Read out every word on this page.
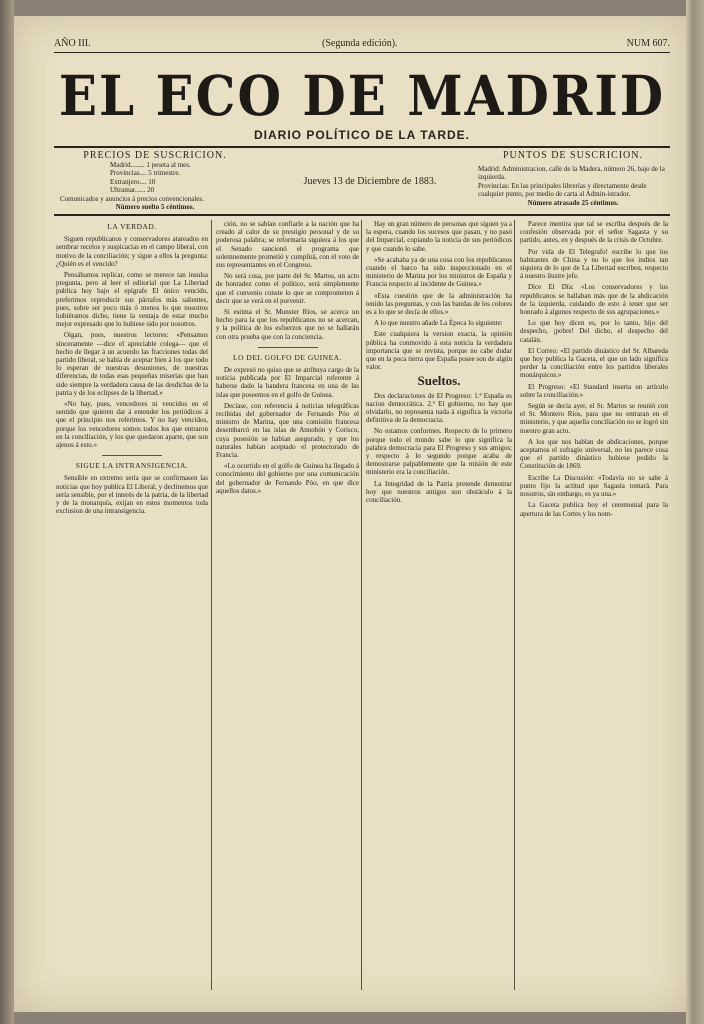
AÑO III.	(Segunda edición).	NUM 607.
EL ECO DE MADRID
DIARIO POLÍTICO DE LA TARDE.
PRECIOS DE SUSCRICION.
Madrid........ 1 peseta al mes.
Provincias.... 5 trimestre.
Extranjero.... 10
Ultramar...... 20
Comunicados y anuncios á precios convencionales.
Número suelto 5 céntimos.
Jueves 13 de Diciembre de 1883.
PUNTOS DE SUSCRICION.
Madrid: Administracion, calle de la Madera, número 26, bajo de la izquierda.
Provincias: En las principales librerías y directamente desde cualquier punto, por medio de carta al Admin-istrador.
Número atrasado 25 céntimos.
LA VERDAD.

Siguen republicanos y conservadores atareados en sembrar recelos y suspicacias en el campo liberal, con motivo de la conciliación; y sigue a ellos la pregunta: ¿Quién es el vencido?

Pensábamos replicar, como se merece tan insulsa pregunta, pero al leer el editorial que La Libertad publica hoy bajo el epígrafe El único vencido, preferimos reproducir sus párrafos más salientes, pues, sobre ser poco más ó menos lo que nosotros hubiéramos dicho, tiene la ventaja de estar mucho mejor expresado que lo hubiese sido por nosotros.

Oigan, pues, nuestros lectores: «Pensamos sinceramente —dice el apreciable colega— que el hecho de llegar á un acuerdo las fracciones todas del partido liberal, se había de aceptar bien á los que todo lo esperan de nuestras desuniones, de nuestras diferencias, de todas esas pequeñas miserias que han sido siempre la verdadera causa de las desdichas de la patria y de los eclipses de la libertad.»

«No hay, pues, vencedores ni vencidos en el sentido que quieren dar á entender los periódicos á que el principio nos referimos. Y no hay vencidos, porque los vencedores somos todos los que entraron en la conciliación, y los que quedaron aparte, que son ajenos á esto.»

SIGUE LA INTRANSIGENCIA.

Sensible en extremo sería que se confirmasen las noticias que hoy publica El Liberal, y declinemos que sería sensible, por el interés de la patria, de la libertad y de la monarquía, exijan en estos momentos toda exclusion de una intransigencia.

ción, no se sabían confiarle a la nación que ha creado al calor de su prestigio personal y de su poderosa palabra; se reformaría siguiera á los que el Senado sancionó el programa que solemnemente prometió y cumplirá, con el voto de sus representantes en el Congreso.

No será cosa, por parte del Sr. Martos, un acto de honradez como el político, será simplemente que el convenio conste lo que se comprometen á decir que se verá en el porvenir.

Si estima el Sr. Munster Ríos, se acerca un hecho para la que los republicanos no se acercan, y la política de los esfuerzos que no se hallarán con otra prueba que con la conciencia.

LO DEL GOLFO DE GUINEA.

De expresó no quiso que se atribuya cargo de la noticia publicada por El Imparcial referente á haberse dado la bandera francesa en una de las islas que poseemos en el golfo de Guinea.

Decíase, con referencia á noticias telegráficas recibidas del gobernador de Fernando Póo el ministro de Marina, que una comisión francesa desembarcó en las islas de Annobón y Corisco, cuya posesión se habían asegurado, y que los naturales habían aceptado el protectorado de Francia.

«Lo ocurrido en el golfo de Guinea ha llegado á conocimiento del gobierno por una comunicación del gobernador de Fernando Póo, en que dice aquellos datos.»

Hay un gran número de personas que siguen ya a la espera, cuando los sucesos que pasan, y no pasó del Imparcial, copiando la noticia de sus periódicos y que cuando lo sabe.

«Se acababa ya de una cosa con los republicanos cuando el barco ha sido inspeccionado en el ministerio de Marina por los ministros de España y Francia respecto al incidente de Guinea.»

«Esta cuestión que de la administración ha tenido las preguntas, y con las bandas de los colores es a lo que se decía de ellos.»

A lo que nuestro añade La Época lo siguiente:

Este cualquiera la version exacta, la opinión pública ha conmovido á esta noticia la verdadera importancia que se revista, porque no cabe dudar que en la poca tierra que España posee son de algún valor.

Sueltos.

Dos declaraciones de El Progreso: 1.ª España es nacion democrática. 2.ª El gobierno, no hay que olvidarlo, no representa nada á significa la victoria definitiva de la democracia.

No estamos conformes. Respecto de lo primero porque todo el mundo sabe lo que significa la palabra democracia para El Progreso y sus amigos; y respecto á lo segundo porque acaba de demostrarse palpablemente que la misión de este ministerio era la conciliación.

La Integridad de la Patria pretende demostrar hoy que nuestros amigos son obstáculo á la conciliación.

Parece mentira que tal se escriba después de la confesión observada por el señor Sagasta y su partido, antes, en y después de la crisis de Octubre.

Por vida de El Telegrafo! escribe lo que los habitantes de China y no lo que los indios tan siquiera de lo que de La Libertad escriben, respecto á nuestro ilustre jefe.

Dice El Día: «Los conservadores y los republicanos se hallaban más que de la abdicación de la izquierda, cuidando de esto á tener que ser honrado á algunos respecto de sus agrupaciones.»

Lo que hoy dicen es, por lo tanto, hijo del despecho, ¡pobre! Del dicho, el despecho del catalán.

El Correo: «El partido dinástico del Sr. Albareda que hoy publica la Gaceta, el que un lado significa perder la conciliación entre los partidos liberales monárquicos.»

El Progreso: «El Standard inserta un artículo sobre la conciliación.»

Según se decía ayer, el Sr. Martos se reunió con el Sr. Montero Ríos, para que no entraran en el ministerio, y que aquella conciliación no se logró sin nuestro gran acto.

A los que nos hablan de abdicaciones, porque aceptamos el sufragio universal, no les parece cosa que el partido dinástico hubiese pedido la Constitución de 1869.

Escribe La Discusión: «Todavía no se sabe á punto fijo la actitud que Sagasta tomará. Para nosotros, sin embargo, es ya una.»

La Gaceta publica hoy el ceremonial para la apertura de las Cortes y los nom-
